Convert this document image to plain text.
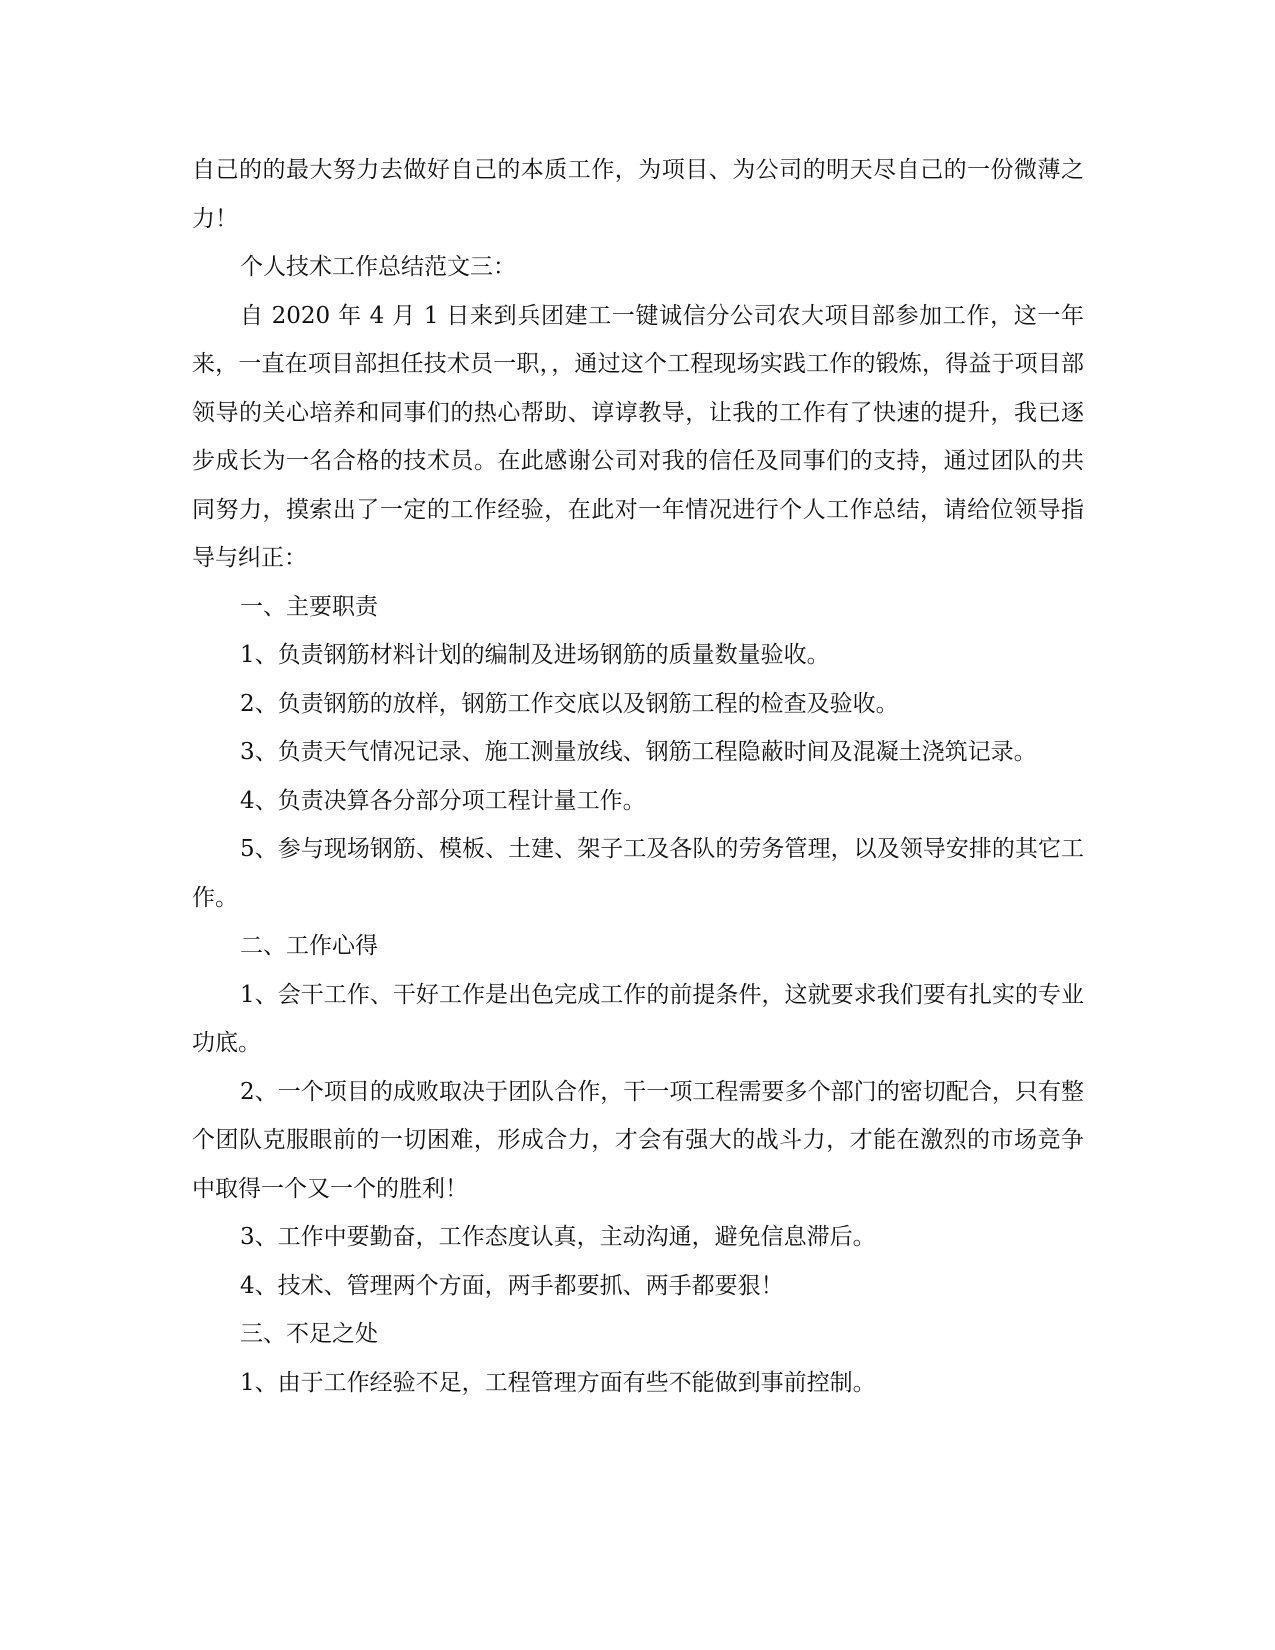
自己的的最大努力去做好自己的本质工作，为项目、为公司的明天尽自己的一份微薄之力！

个人技术工作总结范文三：

自 2020 年 4 月 1 日来到兵团建工一键诚信分公司农大项目部参加工作，这一年来，一直在项目部担任技术员一职，，通过这个工程现场实践工作的锻炼，得益于项目部领导的关心培养和同事们的热心帮助、谆谆教导，让我的工作有了快速的提升，我已逐步成长为一名合格的技术员。在此感谢公司对我的信任及同事们的支持，通过团队的共同努力，摸索出了一定的工作经验，在此对一年情况进行个人工作总结，请给位领导指导与纠正：

一、主要职责

1、负责钢筋材料计划的编制及进场钢筋的质量数量验收。

2、负责钢筋的放样，钢筋工作交底以及钢筋工程的检查及验收。

3、负责天气情况记录、施工测量放线、钢筋工程隐蔽时间及混凝土浇筑记录。

4、负责决算各分部分项工程计量工作。

5、参与现场钢筋、模板、土建、架子工及各队的劳务管理，以及领导安排的其它工作。

二、工作心得

1、会干工作、干好工作是出色完成工作的前提条件，这就要求我们要有扎实的专业功底。

2、一个项目的成败取决于团队合作，干一项工程需要多个部门的密切配合，只有整个团队克服眼前的一切困难，形成合力，才会有强大的战斗力，才能在激烈的市场竞争中取得一个又一个的胜利！

3、工作中要勤奋，工作态度认真，主动沟通，避免信息滞后。

4、技术、管理两个方面，两手都要抓、两手都要狠！

三、不足之处

1、由于工作经验不足，工程管理方面有些不能做到事前控制。
